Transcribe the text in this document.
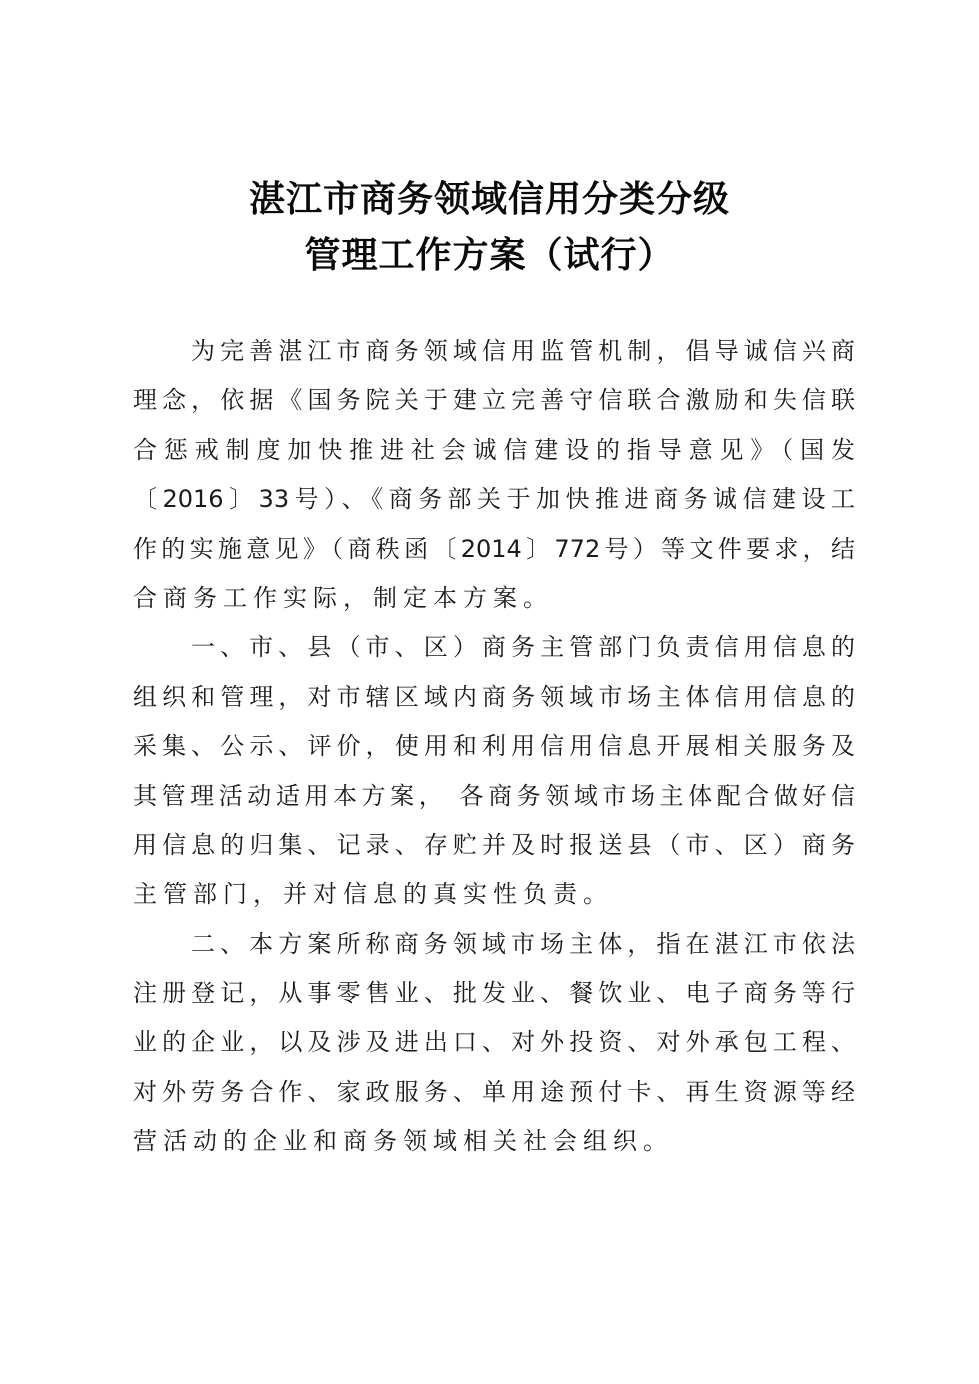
湛江市商务领域信用分类分级
管理工作方案（试行）
为完善湛江市商务领域信用监管机制，倡导诚信兴商
理念，依据《国务院关于建立完善守信联合激励和失信联
合惩戒制度加快推进社会诚信建设的指导意见》（国发
〔2016〕33号）、《商务部关于加快推进商务诚信建设工
作的实施意见》（商秩函〔2014〕772号）等文件要求，结
合商务工作实际，制定本方案。
一、市、县（市、区）商务主管部门负责信用信息的
组织和管理，对市辖区域内商务领域市场主体信用信息的
采集、公示、评价，使用和利用信用信息开展相关服务及
其管理活动适用本方案， 各商务领域市场主体配合做好信
用信息的归集、记录、存贮并及时报送县（市、区）商务
主管部门，并对信息的真实性负责。
二、本方案所称商务领域市场主体，指在湛江市依法
注册登记，从事零售业、批发业、餐饮业、电子商务等行
业的企业，以及涉及进出口、对外投资、对外承包工程、
对外劳务合作、家政服务、单用途预付卡、再生资源等经
营活动的企业和商务领域相关社会组织。
